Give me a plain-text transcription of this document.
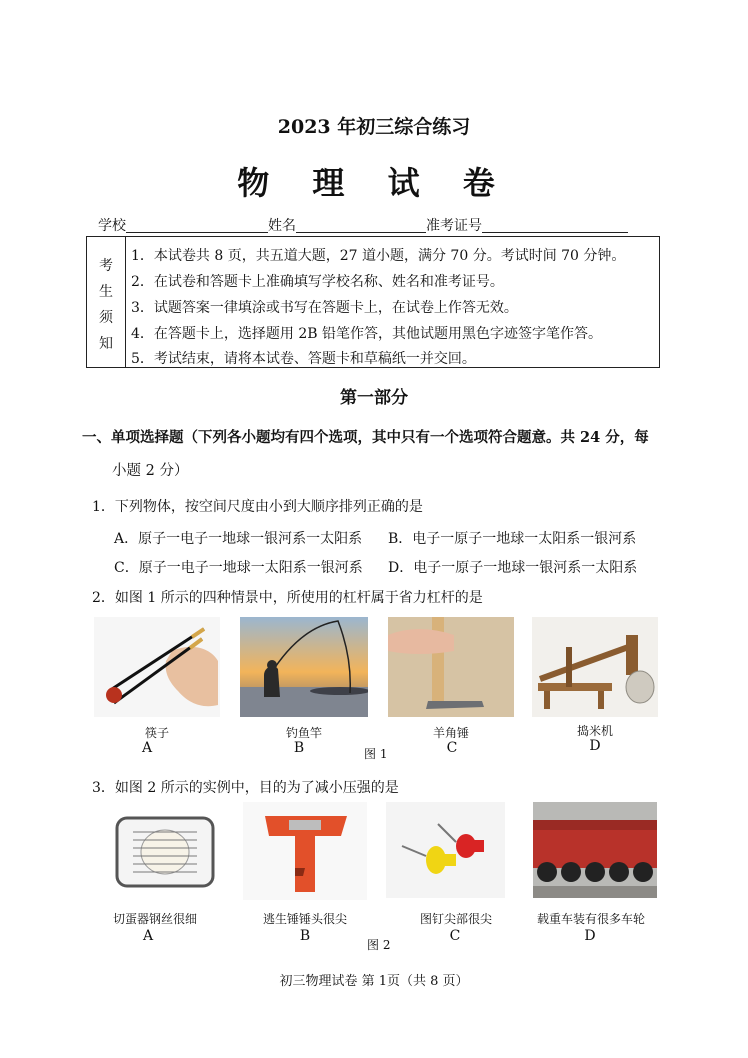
2023 年初三综合练习
物 理 试 卷
学校	姓名	准考证号
考
生
须
知
1．本试卷共 8 页，共五道大题，27 道小题，满分 70 分。考试时间 70 分钟。
2．在试卷和答题卡上准确填写学校名称、姓名和准考证号。
3．试题答案一律填涂或书写在答题卡上，在试卷上作答无效。
4．在答题卡上，选择题用 2B 铅笔作答，其他试题用黑色字迹签字笔作答。
5．考试结束，请将本试卷、答题卡和草稿纸一并交回。
第一部分
一、单项选择题（下列各小题均有四个选项，其中只有一个选项符合题意。共 24 分，每
小题 2 分）
1．下列物体，按空间尺度由小到大顺序排列正确的是
A．原子一电子一地球一银河系一太阳系 B．电子一原子一地球一太阳系一银河系
C．原子一电子一地球一太阳系一银河系 D．电子一原子一地球一银河系一太阳系
2．如图 1 所示的四种情景中，所使用的杠杆属于省力杠杆的是
筷子	钓鱼竿	羊角锤	捣米机
A	B	C	D
图 1
3．如图 2 所示的实例中，目的为了减小压强的是
切蛋器钢丝很细	逃生锤锤头很尖	图钉尖部很尖	载重车装有很多车轮
A	B	C	D
图 2
初三物理试卷 第 1页（共 8 页）
